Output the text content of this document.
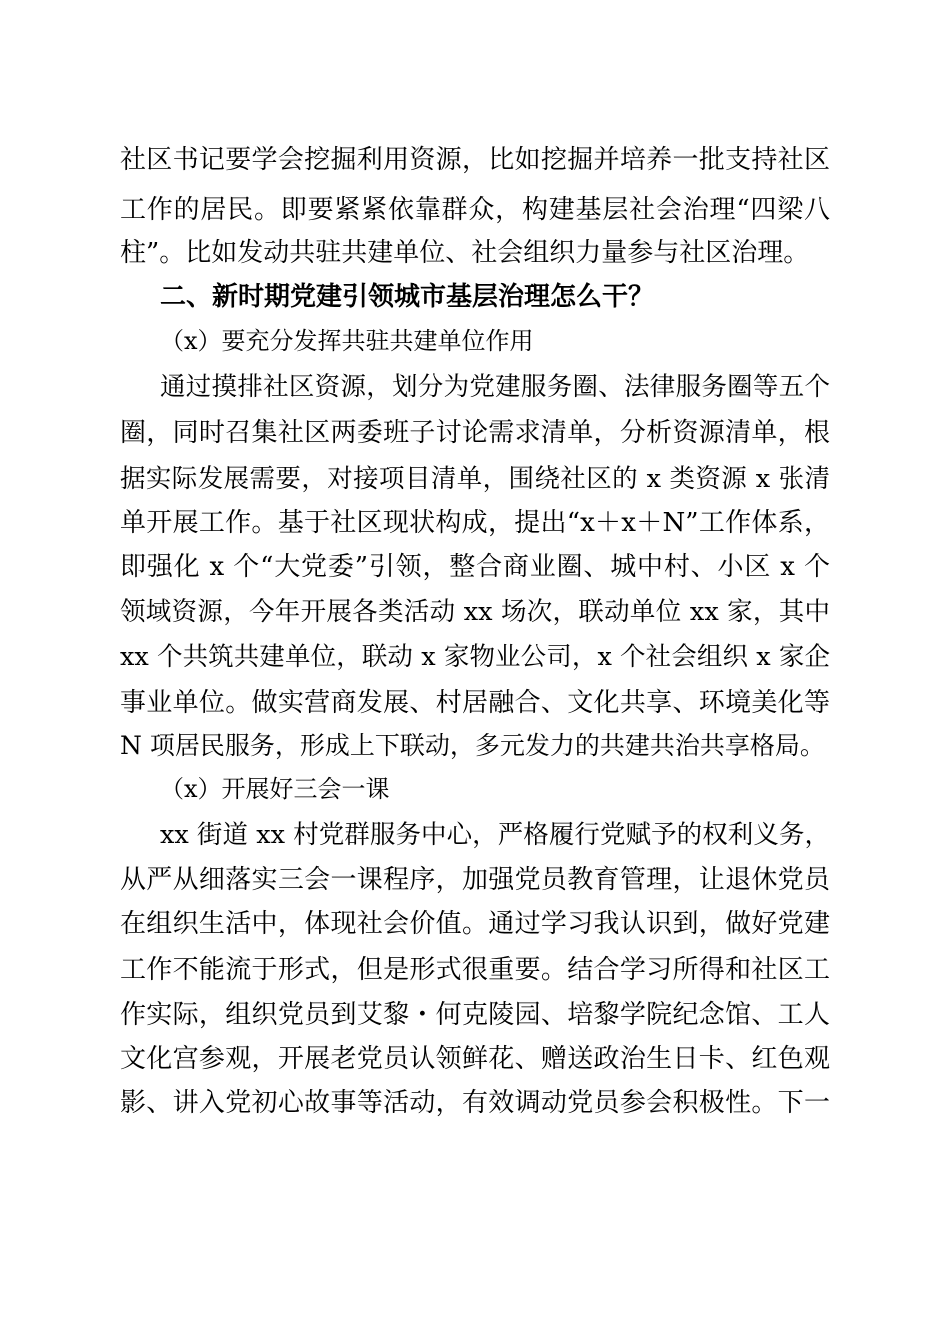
社区书记要学会挖掘利用资源，比如挖掘并培养一批支持社区
工作的居民。即要紧紧依靠群众，构建基层社会治理“四梁八
柱”。比如发动共驻共建单位、社会组织力量参与社区治理。
二、新时期党建引领城市基层治理怎么干？
（x）要充分发挥共驻共建单位作用
通过摸排社区资源，划分为党建服务圈、法律服务圈等五个
圈，同时召集社区两委班子讨论需求清单，分析资源清单，根
据实际发展需要，对接项目清单，围绕社区的 x 类资源 x 张清
单开展工作。基于社区现状构成，提出“x＋x＋N”工作体系，
即强化 x 个“大党委”引领，整合商业圈、城中村、小区 x 个
领域资源，今年开展各类活动 xx 场次，联动单位 xx 家，其中
xx 个共筑共建单位，联动 x 家物业公司，x 个社会组织 x 家企
事业单位。做实营商发展、村居融合、文化共享、环境美化等
N 项居民服务，形成上下联动，多元发力的共建共治共享格局。
（x）开展好三会一课
xx 街道 xx 村党群服务中心，严格履行党赋予的权利义务，
从严从细落实三会一课程序，加强党员教育管理，让退休党员
在组织生活中，体现社会价值。通过学习我认识到，做好党建
工作不能流于形式，但是形式很重要。结合学习所得和社区工
作实际，组织党员到艾黎・何克陵园、培黎学院纪念馆、工人
文化宫参观，开展老党员认领鲜花、赠送政治生日卡、红色观
影、讲入党初心故事等活动，有效调动党员参会积极性。下一
